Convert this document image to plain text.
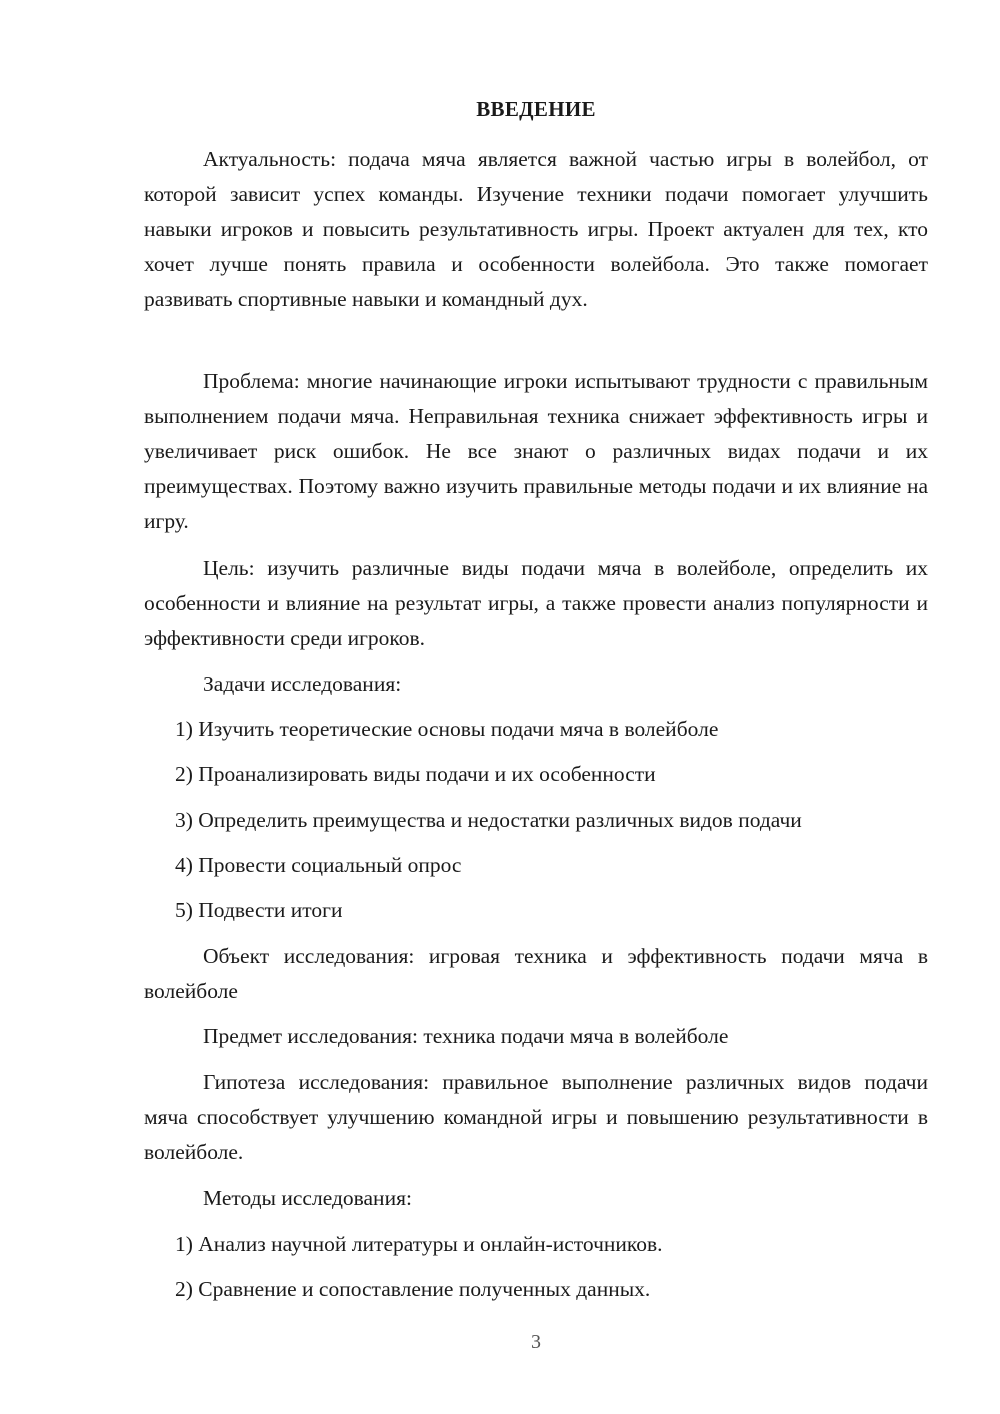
ВВЕДЕНИЕ

Актуальность: подача мяча является важной частью игры в волейбол, от которой зависит успех команды. Изучение техники подачи помогает улучшить навыки игроков и повысить результативность игры. Проект актуален для тех, кто хочет лучше понять правила и особенности волейбола. Это также помогает развивать спортивные навыки и командный дух.

Проблема: многие начинающие игроки испытывают трудности с правильным выполнением подачи мяча. Неправильная техника снижает эффективность игры и увеличивает риск ошибок. Не все знают о различных видах подачи и их преимуществах. Поэтому важно изучить правильные методы подачи и их влияние на игру.

Цель: изучить различные виды подачи мяча в волейболе, определить их особенности и влияние на результат игры, а также провести анализ популярности и эффективности среди игроков.

Задачи исследования:

1) Изучить теоретические основы подачи мяча в волейболе

2) Проанализировать виды подачи и их особенности

3) Определить преимущества и недостатки различных видов подачи

4) Провести социальный опрос

5) Подвести итоги

Объект исследования: игровая техника и эффективность подачи мяча в волейболе

Предмет исследования: техника подачи мяча в волейболе

Гипотеза исследования: правильное выполнение различных видов подачи мяча способствует улучшению командной игры и повышению результативности в волейболе.

Методы исследования:

1) Анализ научной литературы и онлайн-источников.

2) Сравнение и сопоставление полученных данных.

3
